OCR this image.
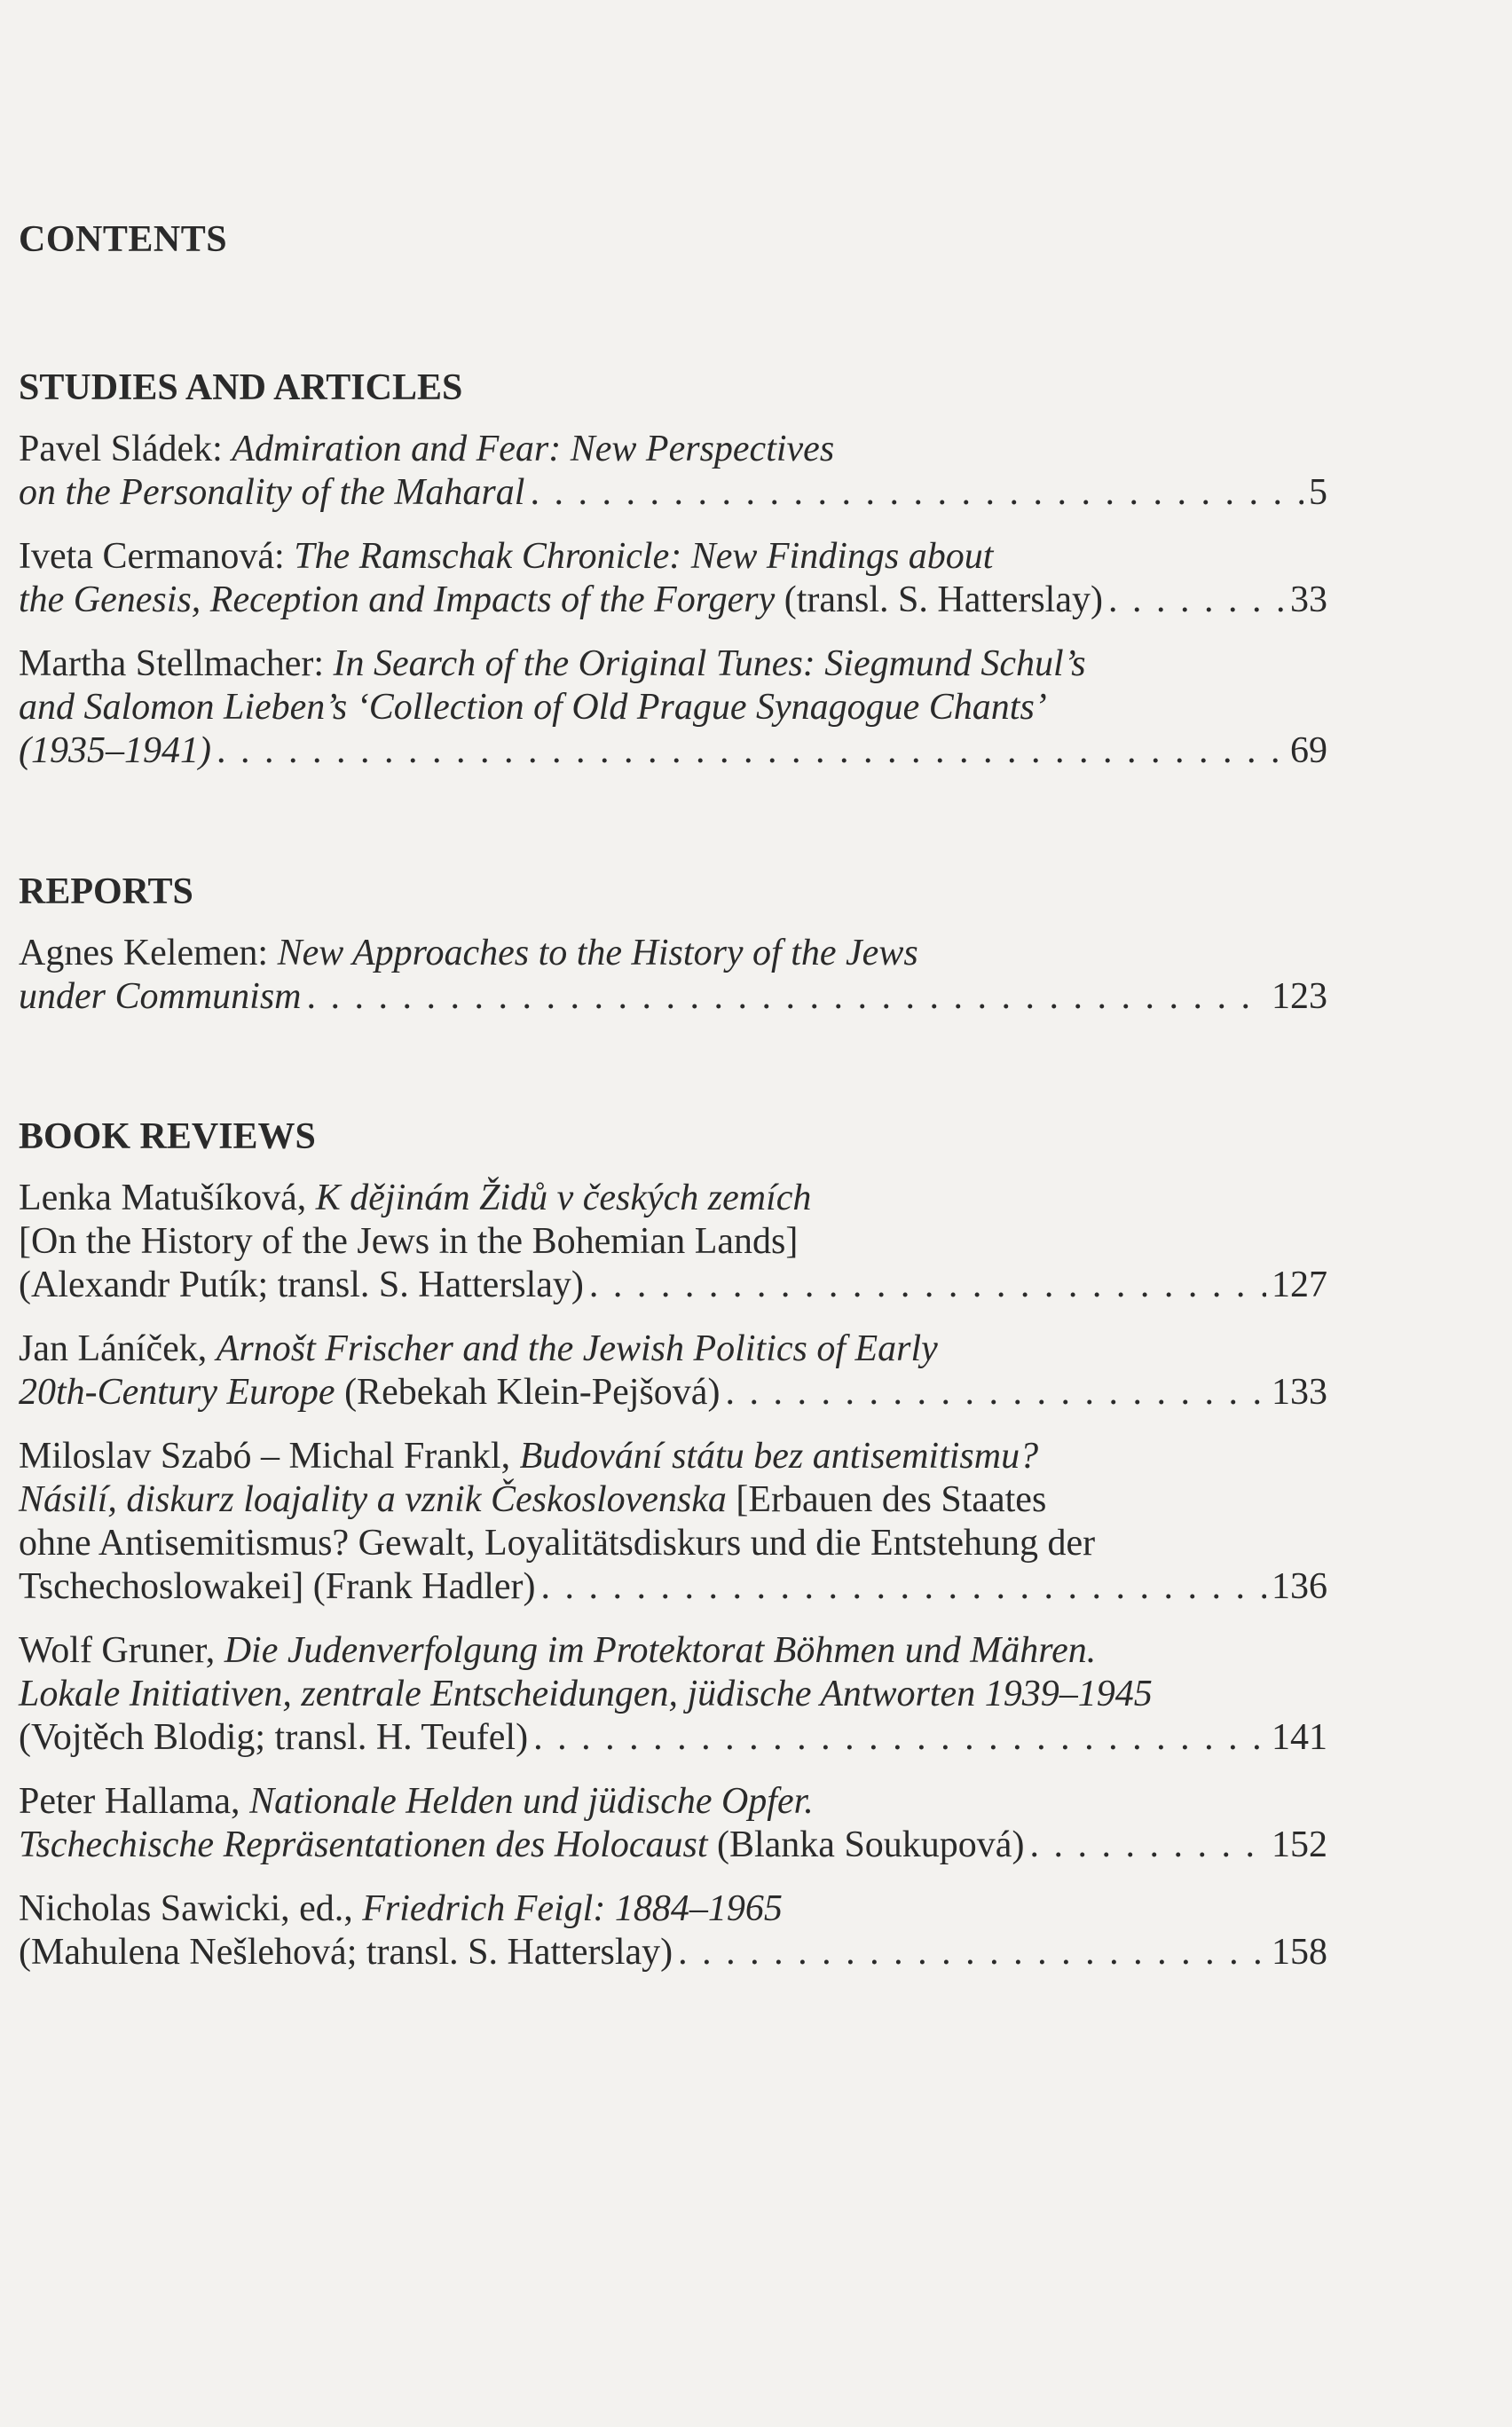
CONTENTS
STUDIES AND ARTICLES
Pavel Sládek: Admiration and Fear: New Perspectives
on the Personality of the Maharal . . .	5
Iveta Cermanová: The Ramschak Chronicle: New Findings about
the Genesis, Reception and Impacts of the Forgery (transl. S. Hatterslay) . . .	33
Martha Stellmacher: In Search of the Original Tunes: Siegmund Schul’s
and Salomon Lieben’s ‘Collection of Old Prague Synagogue Chants’
(1935–1941) . . .	69
REPORTS
Agnes Kelemen: New Approaches to the History of the Jews
under Communism . . .	123
BOOK REVIEWS
Lenka Matušíková, K dějinám Židů v českých zemích
[On the History of the Jews in the Bohemian Lands]
(Alexandr Putík; transl. S. Hatterslay) . . .	127
Jan Láníček, Arnošt Frischer and the Jewish Politics of Early
20th-Century Europe (Rebekah Klein-Pejšová) . . .	133
Miloslav Szabó – Michal Frankl, Budování státu bez antisemitismu?
Násilí, diskurz loajality a vznik Československa [Erbauen des Staates
ohne Antisemitismus? Gewalt, Loyalitätsdiskurs und die Entstehung der
Tschechoslowakei] (Frank Hadler) . . .	136
Wolf Gruner, Die Judenverfolgung im Protektorat Böhmen und Mähren.
Lokale Initiativen, zentrale Entscheidungen, jüdische Antworten 1939–1945
(Vojtěch Blodig; transl. H. Teufel) . . .	141
Peter Hallama, Nationale Helden und jüdische Opfer.
Tschechische Repräsentationen des Holocaust (Blanka Soukupová) . . .	152
Nicholas Sawicki, ed., Friedrich Feigl: 1884–1965
(Mahulena Nešlehová; transl. S. Hatterslay) . . .	158
